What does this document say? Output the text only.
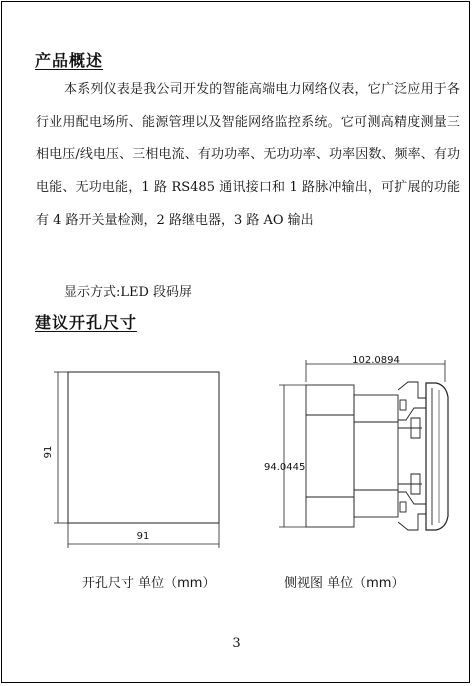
产品概述

本系列仪表是我公司开发的智能高端电力网络仪表，它广泛应用于各行业用配电场所、能源管理以及智能网络监控系统。它可测高精度测量三相电压/线电压、三相电流、有功功率、无功功率、功率因数、频率、有功电能、无功电能，1 路 RS485 通讯接口和 1 路脉冲输出，可扩展的功能有 4 路开关量检测，2 路继电器，3 路 AO 输出

显示方式:LED 段码屏
建议开孔尺寸
91
91
102.0894
94.0445
开孔尺寸 单位（mm）	侧视图 单位（mm）
3
